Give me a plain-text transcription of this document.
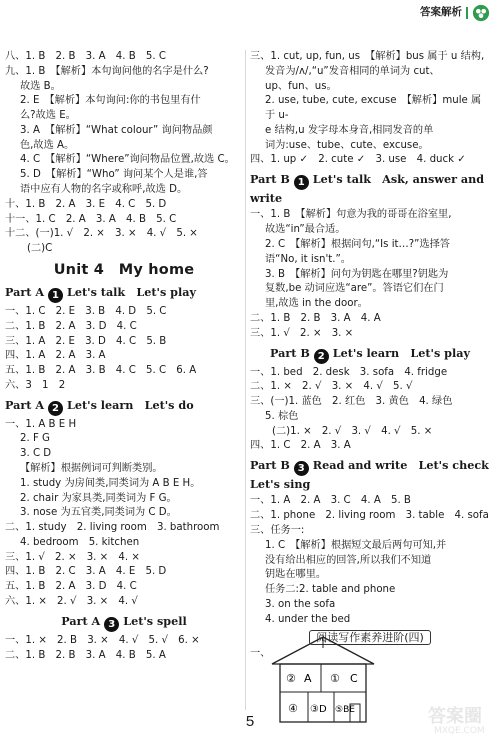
答案解析
八、1. B　2. B　3. A　4. B　5. C
九、1. B　【解析】本句询问他的名字是什么?
故选 B。
2. E　【解析】本句询问:你的书包里有什
么?故选 E。
3. A　【解析】“What colour” 询问物品颜
色,故选 A。
4. C　【解析】“Where”询问物品位置,故选 C。
5. D　【解析】“Who” 询问某个人是谁,答
语中应有人物的名字或称呼,故选 D。
十、1. B　2. A　3. E　4. C　5. D
十一、1. C　2. A　3. A　4. B　5. C
十二、(一)1. √　2. ×　3. ×　4. √　5. ×
(二)C
Unit 4　My home
Part A 1 Let's talk　Let's play
一、1. C　2. E　3. B　4. D　5. C
二、1. B　2. A　3. D　4. C
三、1. A　2. E　3. D　4. C　5. B
四、1. A　2. A　3. A
五、1. B　2. A　3. B　4. C　5. C　6. A
六、3　1　2
Part A 2 Let's learn　Let's do
一、1. A B E H
2. F G
3. C D
【解析】根据例词可判断类别。
1. study 为房间类,同类词为 A B E H。
2. chair 为家具类,同类词为 F G。
3. nose 为五官类,同类词为 C D。
二、1. study　2. living room　3. bathroom
4. bedroom　5. kitchen
三、1. √　2. ×　3. ×　4. ×
四、1. B　2. C　3. A　4. E　5. D
五、1. B　2. A　3. D　4. C
六、1. ×　2. √　3. ×　4. √
Part A 3 Let's spell
一、1. ×　2. B　3. ×　4. √　5. √　6. ×
二、1. B　2. B　3. A　4. B　5. A
三、1. cut, up, fun, us　【解析】bus 属于 u 结构,
发音为/ʌ/,“u”发音相同的单词为 cut、
up、fun、us。
2. use, tube, cute, excuse　【解析】mule 属于 u-
e 结构,u 发字母本身音,相同发音的单
词为:use、tube、cute、excuse。
四、1. up ✓　2. cute ✓　3. use　4. duck ✓
Part B 1 Let's talk　Ask, answer and write
一、1. B　【解析】句意为我的哥哥在浴室里,
故选“in”最合适。
2. C　【解析】根据问句,“Is it…?”选择答
语“No, it isn't.”。
3. B　【解析】问句为钥匙在哪里?钥匙为
复数,be 动词应选“are”。答语它们在门
里,故选 in the door。
二、1. B　2. B　3. A　4. A
三、1. √　2. ×　3. ×
Part B 2 Let's learn　Let's play
一、1. bed　2. desk　3. sofa　4. fridge
二、1. ×　2. √　3. ×　4. √　5. √
三、(一)1. 蓝色　2. 红色　3. 黄色　4. 绿色
5. 棕色
(二)1. ×　2. √　3. √　4. √　5. ×
四、1. C　2. A　3. A
Part B 3 Read and write　Let's check　Let's sing
一、1. A　2. A　3. C　4. A　5. B
二、1. phone　2. living room　3. table　4. sofa
三、任务一:
1. C　【解析】根据短文最后两句可知,并
没有给出相应的回答,所以我们不知道
钥匙在哪里。
任务二:2. table and phone
3. on the sofa
4. under the bed
阅读写作素养进阶(四)
一、
② A ① C
④ ③D ⑤BE
5	答案圈
MXQE.COM
